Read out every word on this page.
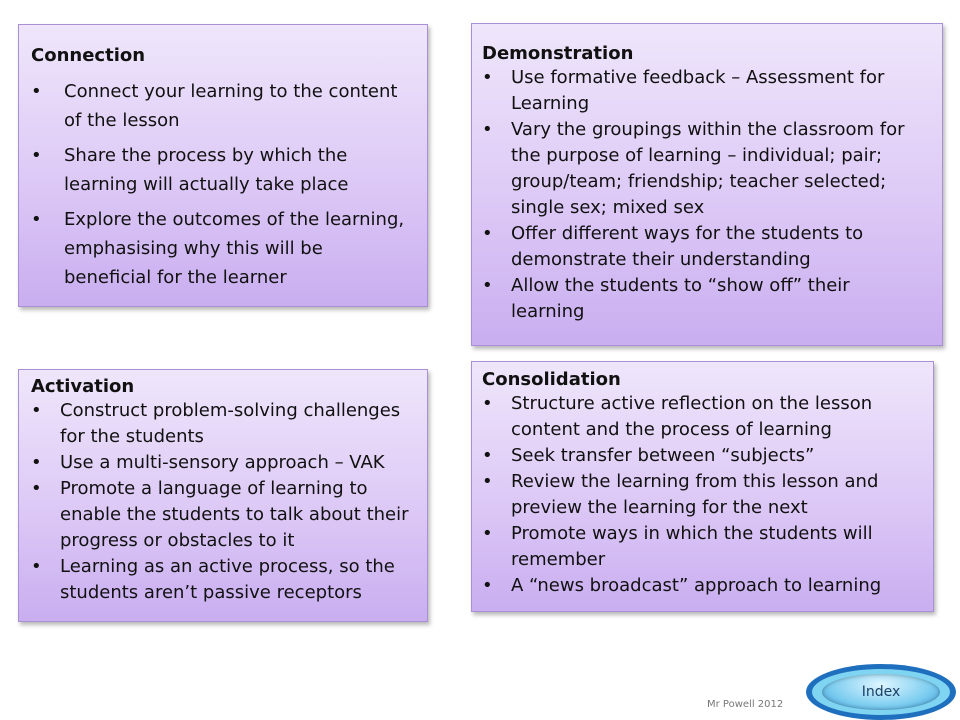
Connection
• Connect your learning to the content of the lesson
• Share the process by which the learning will actually take place
• Explore the outcomes of the learning, emphasising why this will be beneficial for the learner
Demonstration
• Use formative feedback – Assessment for Learning
• Vary the groupings within the classroom for the purpose of learning – individual; pair; group/team; friendship; teacher selected; single sex; mixed sex
• Offer different ways for the students to demonstrate their understanding
• Allow the students to “show off” their learning
Activation
• Construct problem-solving challenges for the students
• Use a multi-sensory approach – VAK
• Promote a language of learning to enable the students to talk about their progress or obstacles to it
• Learning as an active process, so the students aren’t passive receptors
Consolidation
• Structure active reflection on the lesson content and the process of learning
• Seek transfer between “subjects”
• Review the learning from this lesson and preview the learning for the next
• Promote ways in which the students will remember
• A “news broadcast” approach to learning
Mr Powell 2012
Index
